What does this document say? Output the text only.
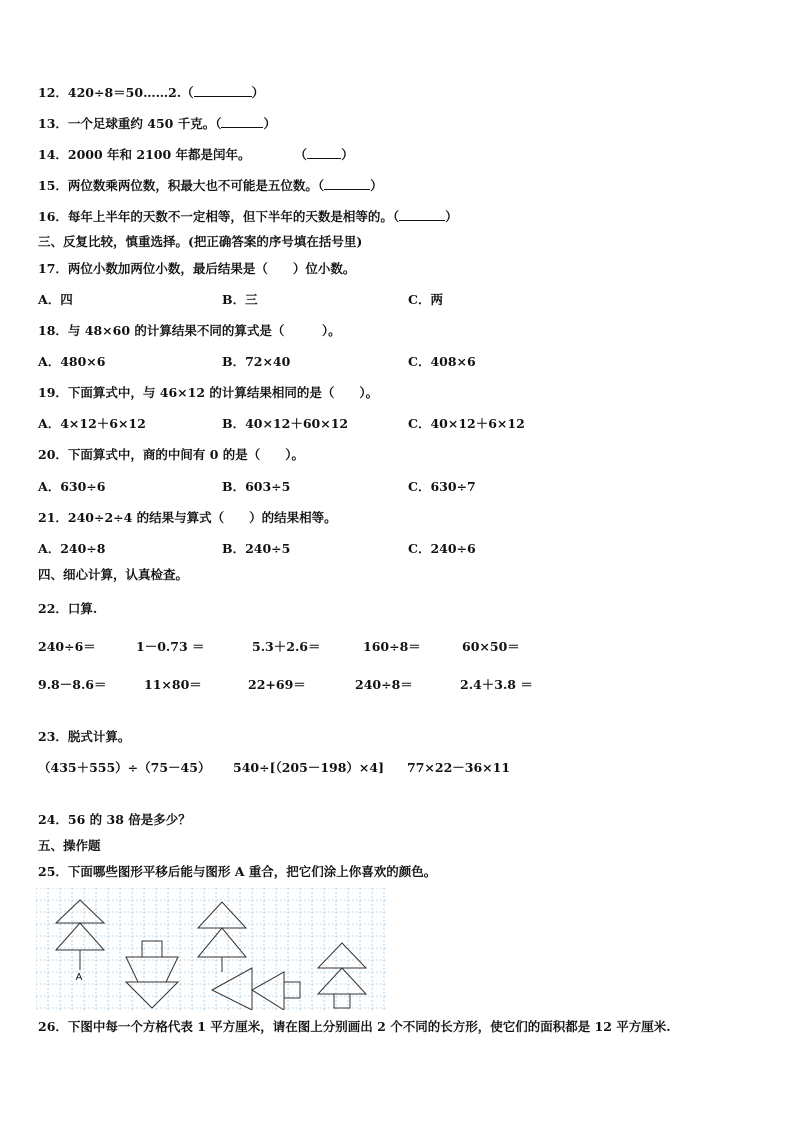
12．420÷8＝50……2.（	）
13．一个足球重约 450 千克。（	）
14．2000 年和 2100 年都是闰年。	（	）
15．两位数乘两位数，积最大也不可能是五位数。（	）
16．每年上半年的天数不一定相等，但下半年的天数是相等的。（	）
三、反复比较，慎重选择。(把正确答案的序号填在括号里)
17．两位小数加两位小数，最后结果是（　　）位小数。
A．四	B．三	C．两
18．与 48×60 的计算结果不同的算式是（　　　）。
A．480×6	B．72×40	C．408×6
19．下面算式中，与 46×12 的计算结果相同的是（　　）。
A．4×12＋6×12	B．40×12＋60×12	C．40×12＋6×12
20．下面算式中，商的中间有 0 的是（　　）。
A．630÷6	B．603÷5	C．630÷7
21．240÷2÷4 的结果与算式（　　）的结果相等。
A．240÷8	B．240÷5	C．240÷6
四、细心计算，认真检查。
22．口算.
240÷6＝	1－0.73 ＝	5.3＋2.6＝	160÷8＝	60×50＝
9.8－8.6＝	11×80＝	22+69＝	240÷8＝	2.4＋3.8 ＝
23．脱式计算。
（435＋555）÷（75－45） 540÷[（205－198）×4] 77×22－36×11
24．56 的 38 倍是多少？
五、操作题
25．下面哪些图形平移后能与图形 A 重合，把它们涂上你喜欢的颜色。
A
26．下图中每一个方格代表 1 平方厘米，请在图上分别画出 2 个不同的长方形，使它们的面积都是 12 平方厘米.
